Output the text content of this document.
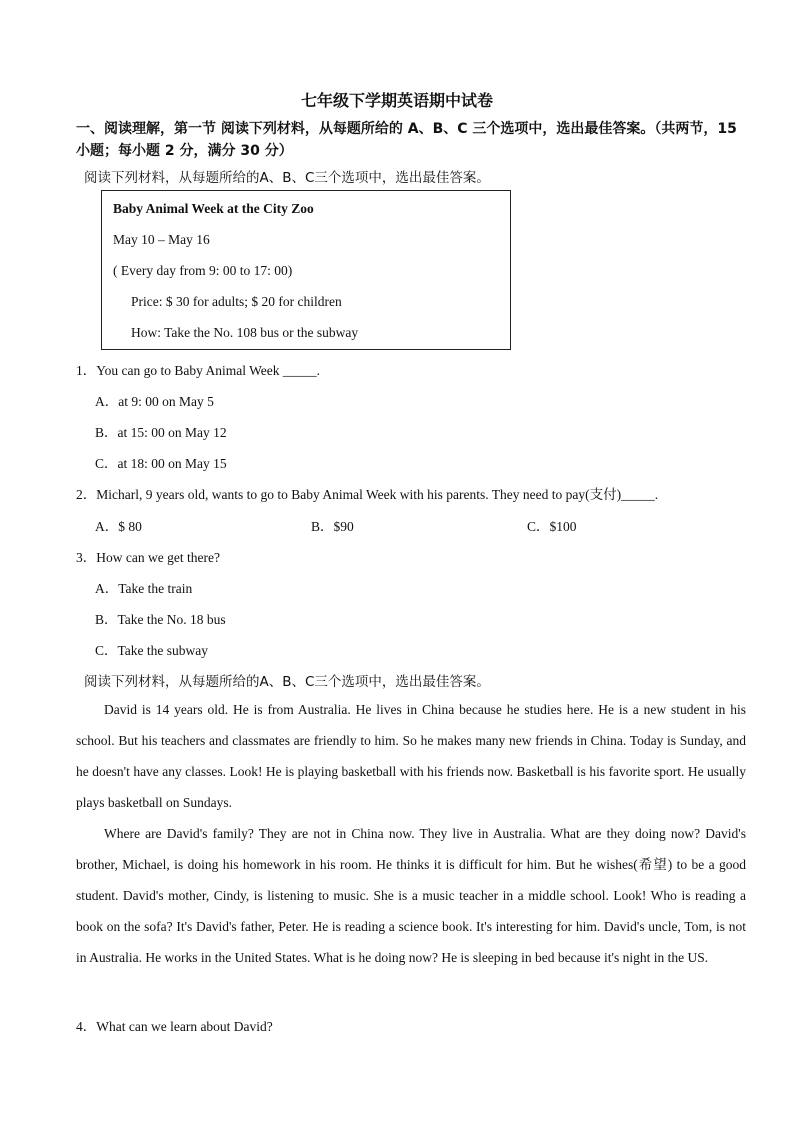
七年级下学期英语期中试卷
一、阅读理解，第一节 阅读下列材料，从每题所给的 A、B、C 三个选项中，选出最佳答案。（共两节，15 小题；每小题 2 分，满分 30 分）
阅读下列材料，从每题所给的A、B、C三个选项中，选出最佳答案。
Baby Animal Week at the City Zoo
May 10 – May 16
( Every day from 9: 00 to 17: 00)
Price: $ 30 for adults; $ 20 for children
How: Take the No. 108 bus or the subway
1．You can go to Baby Animal Week _____.
A．at 9: 00 on May 5
B．at 15: 00 on May 12
C．at 18: 00 on May 15
2．Micharl, 9 years old, wants to go to Baby Animal Week with his parents. They need to pay(支付)_____.
A．$ 80	B．$90	C．$100
3．How can we get there?
A．Take the train
B．Take the No. 18 bus
C．Take the subway
阅读下列材料，从每题所给的A、B、C三个选项中，选出最佳答案。

David is 14 years old. He is from Australia. He lives in China because he studies here. He is a new student in his school. But his teachers and classmates are friendly to him. So he makes many new friends in China. Today is Sunday, and he doesn't have any classes. Look! He is playing basketball with his friends now. Basketball is his favorite sport. He usually plays basketball on Sundays.

Where are David's family? They are not in China now. They live in Australia. What are they doing now? David's brother, Michael, is doing his homework in his room. He thinks it is difficult for him. But he wishes(希望) to be a good student. David's mother, Cindy, is listening to music. She is a music teacher in a middle school. Look! Who is reading a book on the sofa? It's David's father, Peter. He is reading a science book. It's interesting for him. David's uncle, Tom, is not in Australia. He works in the United States. What is he doing now? He is sleeping in bed because it's night in the US.

4．What can we learn about David?
